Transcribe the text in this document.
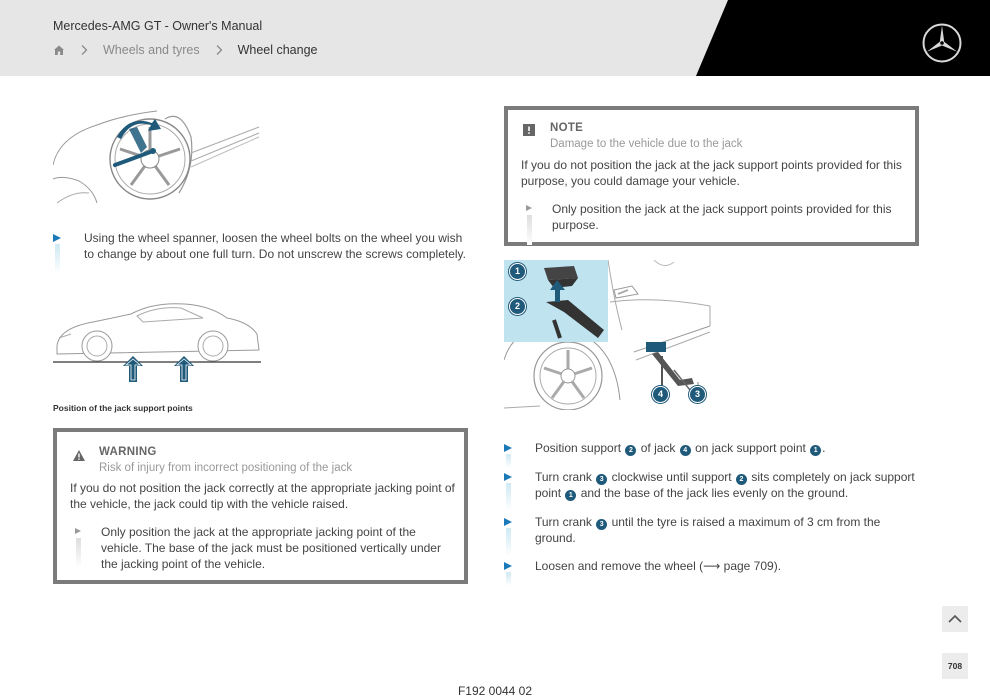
Mercedes-AMG GT - Owner's Manual
Wheels and tyres	Wheel change
Using the wheel spanner, loosen the wheel bolts on the wheel you wish to change by about one full turn. Do not unscrew the screws completely.
Position of the jack support points
WARNING
Risk of injury from incorrect positioning of the jack
If you do not position the jack correctly at the appropriate jacking point of the vehicle, the jack could tip with the vehicle raised.
Only position the jack at the appropriate jacking point of the vehicle. The base of the jack must be positioned vertically under the jacking point of the vehicle.
NOTE
Damage to the vehicle due to the jack
If you do not position the jack at the jack support points provided for this purpose, you could damage your vehicle.
Only position the jack at the jack support points provided for this purpose.
1
2
4	3
Position support 2 of jack 4 on jack support point 1 .
Turn crank 3 clockwise until support 2 sits completely on jack support point 1 and the base of the jack lies evenly on the ground.
Turn crank 3 until the tyre is raised a maximum of 3 cm from the ground.
Loosen and remove the wheel (⟶ page 709).
708
F192 0044 02
